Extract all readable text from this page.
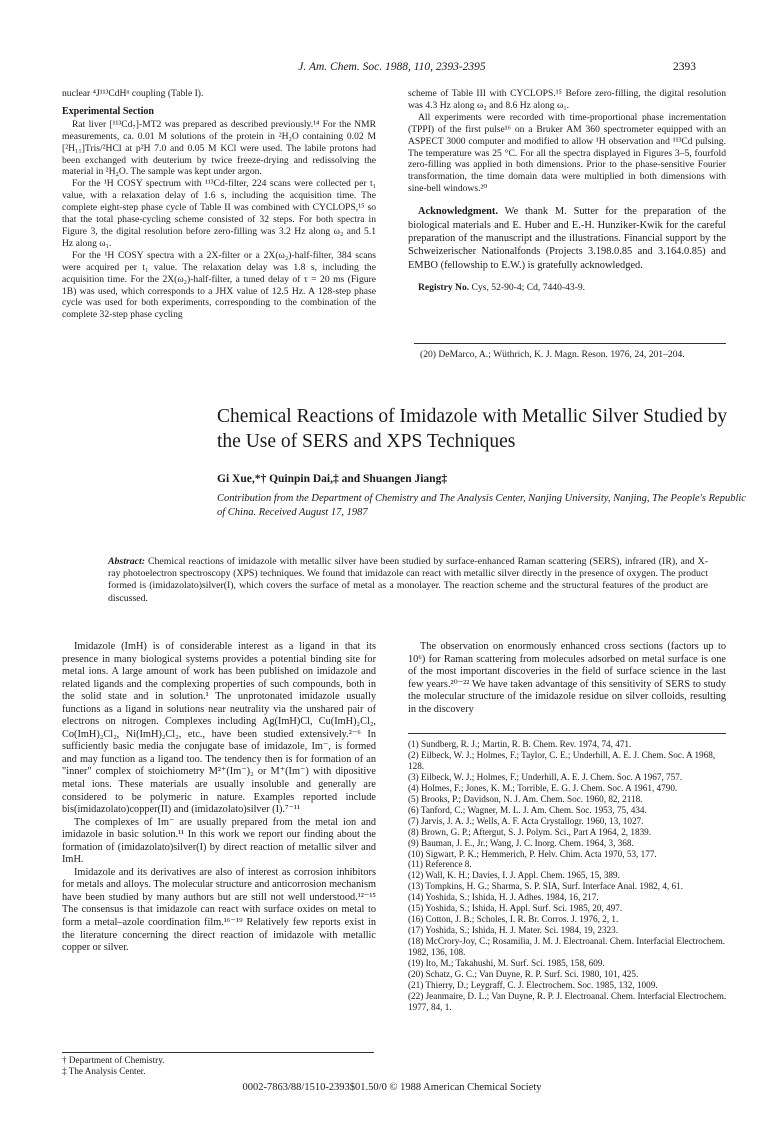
J. Am. Chem. Soc. 1988, 110, 2393-2395	2393

nuclear ⁴J¹¹³CdHᵅ coupling (Table I).

Experimental Section

Rat liver [¹¹³Cd₇]-MT2 was prepared as described previously.¹⁴ For the NMR measurements, ca. 0.01 M solutions of the protein in ²H₂O containing 0.02 M [²H₁₁]Tris/²HCl at p²H 7.0 and 0.05 M KCl were used. The labile protons had been exchanged with deuterium by twice freeze-drying and redissolving the material in ²H₂O. The sample was kept under argon.

For the ¹H COSY spectrum with ¹¹³Cd-filter, 224 scans were collected per t₁ value, with a relaxation delay of 1.6 s, including the acquisition time. The complete eight-step phase cycle of Table II was combined with CYCLOPS,¹⁵ so that the total phase-cycling scheme consisted of 32 steps. For both spectra in Figure 3, the digital resolution before zero-filling was 3.2 Hz along ω₂ and 5.1 Hz along ω₁.

For the ¹H COSY spectra with a 2X-filter or a 2X(ω₂)-half-filter, 384 scans were acquired per t₁ value. The relaxation delay was 1.8 s, including the acquisition time. For the 2X(ω₂)-half-filter, a tuned delay of τ = 20 ms (Figure 1B) was used, which corresponds to a JHX value of 12.5 Hz. A 128-step phase cycle was used for both experiments, corresponding to the combination of the complete 32-step phase cycling

scheme of Table III with CYCLOPS.¹⁵ Before zero-filling, the digital resolution was 4.3 Hz along ω₂ and 8.6 Hz along ω₁.

All experiments were recorded with time-proportional phase incrementation (TPPI) of the first pulse¹⁶ on a Bruker AM 360 spectrometer equipped with an ASPECT 3000 computer and modified to allow ¹H observation and ¹¹³Cd pulsing. The temperature was 25 °C. For all the spectra displayed in Figures 3–5, fourfold zero-filling was applied in both dimensions. Prior to the phase-sensitive Fourier transformation, the time domain data were multiplied in both dimensions with sine-bell windows.²⁰

Acknowledgment. We thank M. Sutter for the preparation of the biological materials and E. Huber and E.-H. Hunziker-Kwik for the careful preparation of the manuscript and the illustrations. Financial support by the Schweizerischer Nationalfonds (Projects 3.198.0.85 and 3.164.0.85) and EMBO (fellowship to E.W.) is gratefully acknowledged.

Registry No. Cys, 52-90-4; Cd, 7440-43-9.

(20) DeMarco, A.; Wüthrich, K. J. Magn. Reson. 1976, 24, 201–204.
Chemical Reactions of Imidazole with Metallic Silver Studied by the Use of SERS and XPS Techniques
Gi Xue,*† Quinpin Dai,‡ and Shuangen Jiang‡
Contribution from the Department of Chemistry and The Analysis Center, Nanjing University, Nanjing, The People's Republic of China. Received August 17, 1987
Abstract: Chemical reactions of imidazole with metallic silver have been studied by surface-enhanced Raman scattering (SERS), infrared (IR), and X-ray photoelectron spectroscopy (XPS) techniques. We found that imidazole can react with metallic silver directly in the presence of oxygen. The product formed is (imidazolato)silver(I), which covers the surface of metal as a monolayer. The reaction scheme and the structural features of the product are discussed.

Imidazole (ImH) is of considerable interest as a ligand in that its presence in many biological systems provides a potential binding site for metal ions. A large amount of work has been published on imidazole and related ligands and the complexing properties of such compounds, both in the solid state and in solution.¹ The unprotonated imidazole usually functions as a ligand in solutions near neutrality via the unshared pair of electrons on nitrogen. Complexes including Ag(ImH)Cl, Cu(ImH)₂Cl₂, Co(ImH)₂Cl₂, Ni(ImH)₂Cl₂, etc., have been studied extensively.²⁻⁶ In sufficiently basic media the conjugate base of imidazole, Im⁻, is formed and may function as a ligand too. The tendency then is for formation of an "inner" complex of stoichiometry M²⁺(Im⁻)₂ or M⁺(Im⁻) with dipositive metal ions. These materials are usually insoluble and generally are considered to be polymeric in nature. Examples reported include bis(imidazolato)copper(II) and (imidazolato)silver (I).⁷⁻¹¹

The complexes of Im⁻ are usually prepared from the metal ion and imidazole in basic solution.¹¹ In this work we report our finding about the formation of (imidazolato)silver(I) by direct reaction of metallic silver and ImH.

Imidazole and its derivatives are also of interest as corrosion inhibitors for metals and alloys. The molecular structure and anticorrosion mechanism have been studied by many authors but are still not well understood.¹²⁻¹⁵ The consensus is that imidazole can react with surface oxides on metal to form a metal–azole coordination film.¹⁶⁻¹⁹ Relatively few reports exist in the literature concerning the direct reaction of imidazole with metallic copper or silver.

† Department of Chemistry.
‡ The Analysis Center.

The observation on enormously enhanced cross sections (factors up to 10⁶) for Raman scattering from molecules adsorbed on metal surface is one of the most important discoveries in the field of surface science in the last few years.²⁰⁻²² We have taken advantage of this sensitivity of SERS to study the molecular structure of the imidazole residue on silver colloids, resulting in the discovery

(1) Sundberg, R. J.; Martin, R. B. Chem. Rev. 1974, 74, 471.
(2) Eilbeck, W. J.; Holmes, F.; Taylor, C. E.; Underhill, A. E. J. Chem. Soc. A 1968, 128.
(3) Eilbeck, W. J.; Holmes, F.; Underhill, A. E. J. Chem. Soc. A 1967, 757.
(4) Holmes, F.; Jones, K. M.; Torrible, E. G. J. Chem. Soc. A 1961, 4790.
(5) Brooks, P.; Davidson, N. J. Am. Chem. Soc. 1960, 82, 2118.
(6) Tanford, C.; Wagner, M. L. J. Am. Chem. Soc. 1953, 75, 434.
(7) Jarvis, J. A. J.; Wells, A. F. Acta Crystallogr. 1960, 13, 1027.
(8) Brown, G. P.; Aftergut, S. J. Polym. Sci., Part A 1964, 2, 1839.
(9) Bauman, J. E., Jr.; Wang, J. C. Inorg. Chem. 1964, 3, 368.
(10) Sigwart, P. K.; Hemmerich, P. Helv. Chim. Acta 1970, 53, 177.
(11) Reference 8.
(12) Wall, K. H.; Davies, I. J. Appl. Chem. 1965, 15, 389.
(13) Tompkins, H. G.; Sharma, S. P. SIA, Surf. Interface Anal. 1982, 4, 61.
(14) Yoshida, S.; Ishida, H. J. Adhes. 1984, 16, 217.
(15) Yoshida, S.; Ishida, H. Appl. Surf. Sci. 1985, 20, 497.
(16) Cotton, J. B.; Scholes, I. R. Br. Corros. J. 1976, 2, 1.
(17) Yoshida, S.; Ishida, H. J. Mater. Sci. 1984, 19, 2323.
(18) McCrory-Joy, C.; Rosamilia, J. M. J. Electroanal. Chem. Interfacial Electrochem. 1982, 136, 108.
(19) Ito, M.; Takahushi, M. Surf. Sci. 1985, 158, 609.
(20) Schatz, G. C.; Van Duyne, R. P. Surf. Sci. 1980, 101, 425.
(21) Thierry, D.; Leygraff, C. J. Electrochem. Soc. 1985, 132, 1009.
(22) Jeanmaire, D. L.; Van Duyne, R. P. J. Electroanal. Chem. Interfacial Electrochem. 1977, 84, 1.
0002-7863/88/1510-2393$01.50/0 © 1988 American Chemical Society
